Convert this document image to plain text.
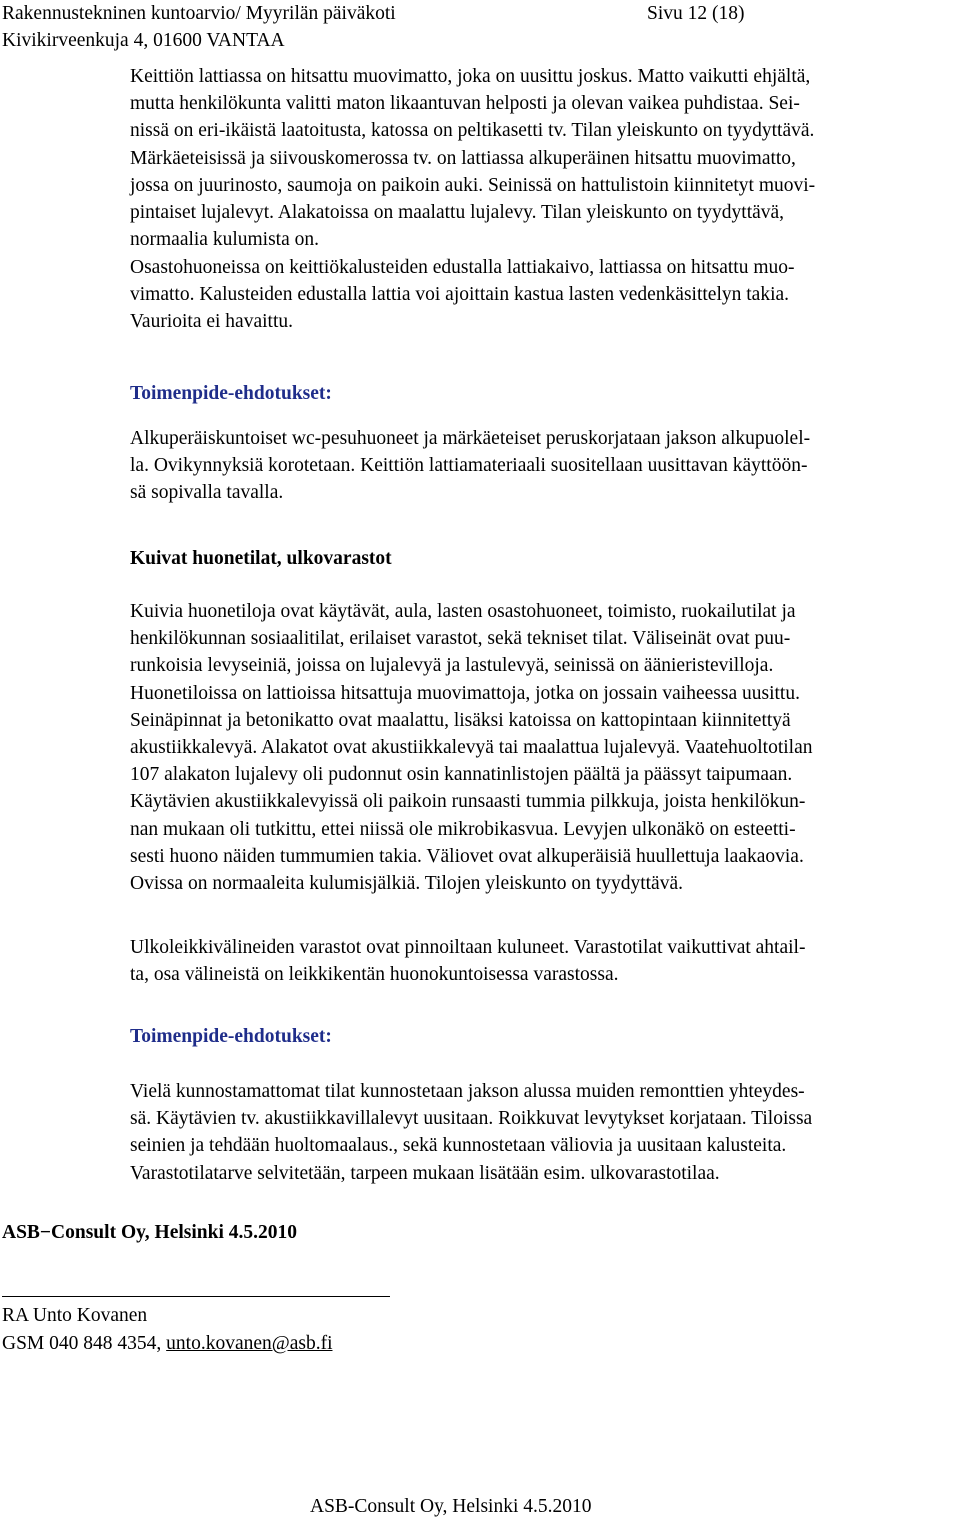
Rakennustekninen kuntoarvio/ Myyrilän päiväkoti
Kivikirveenkuja 4, 01600 VANTAA
Sivu 12 (18)
Keittiön lattiassa on hitsattu muovimatto, joka on uusittu joskus. Matto vaikutti ehjältä,
mutta henkilökunta valitti maton likaantuvan helposti ja olevan vaikea puhdistaa. Sei-
nissä on eri-ikäistä laatoitusta, katossa on peltikasetti tv. Tilan yleiskunto on tyydyttävä.
Märkäeteisissä ja siivouskomerossa tv. on lattiassa alkuperäinen hitsattu muovimatto,
jossa on juurinosto, saumoja on paikoin auki. Seinissä on hattulistoin kiinnitetyt muovi-
pintaiset lujalevyt. Alakatoissa on maalattu lujalevy. Tilan yleiskunto on tyydyttävä,
normaalia kulumista on.
Osastohuoneissa on keittiökalusteiden edustalla lattiakaivo, lattiassa on hitsattu muo-
vimatto. Kalusteiden edustalla lattia voi ajoittain kastua lasten vedenkäsittelyn takia.
Vaurioita ei havaittu.
Toimenpide-ehdotukset:
Alkuperäiskuntoiset wc-pesuhuoneet ja märkäeteiset peruskorjataan jakson alkupuolel-
la. Ovikynnyksiä korotetaan. Keittiön lattiamateriaali suositellaan uusittavan käyttöön-
sä sopivalla tavalla.
Kuivat huonetilat, ulkovarastot
Kuivia huonetiloja ovat käytävät, aula, lasten osastohuoneet, toimisto, ruokailutilat ja
henkilökunnan sosiaalitilat, erilaiset varastot, sekä tekniset tilat. Väliseinät ovat puu-
runkoisia levyseiniä, joissa on lujalevyä ja lastulevyä, seinissä on äänieristevilloja.
Huonetiloissa on lattioissa hitsattuja muovimattoja, jotka on jossain vaiheessa uusittu.
Seinäpinnat ja betonikatto ovat maalattu, lisäksi katoissa on kattopintaan kiinnitettyä
akustiikkalevyä. Alakatot ovat akustiikkalevyä tai maalattua lujalevyä. Vaatehuoltotilan
107 alakaton lujalevy oli pudonnut osin kannatinlistojen päältä ja päässyt taipumaan.
Käytävien akustiikkalevyissä oli paikoin runsaasti tummia pilkkuja, joista henkilökun-
nan mukaan oli tutkittu, ettei niissä ole mikrobikasvua. Levyjen ulkonäkö on esteetti-
sesti huono näiden tummumien takia. Väliovet ovat alkuperäisiä huullettuja laakaovia.
Ovissa on normaaleita kulumisjälkiä. Tilojen yleiskunto on tyydyttävä.
Ulkoleikkivälineiden varastot ovat pinnoiltaan kuluneet. Varastotilat vaikuttivat ahtail-
ta, osa välineistä on leikkikentän huonokuntoisessa varastossa.
Toimenpide-ehdotukset:
Vielä kunnostamattomat tilat kunnostetaan jakson alussa muiden remonttien yhteydes-
sä. Käytävien tv. akustiikkavillalevyt uusitaan. Roikkuvat levytykset korjataan. Tiloissa
seinien ja tehdään huoltomaalaus., sekä kunnostetaan väliovia ja uusitaan kalusteita.
Varastotilatarve selvitetään, tarpeen mukaan lisätään esim. ulkovarastotilaa.
ASB−Consult Oy, Helsinki 4.5.2010
RA Unto Kovanen
GSM 040 848 4354, unto.kovanen@asb.fi
ASB-Consult Oy, Helsinki 4.5.2010
